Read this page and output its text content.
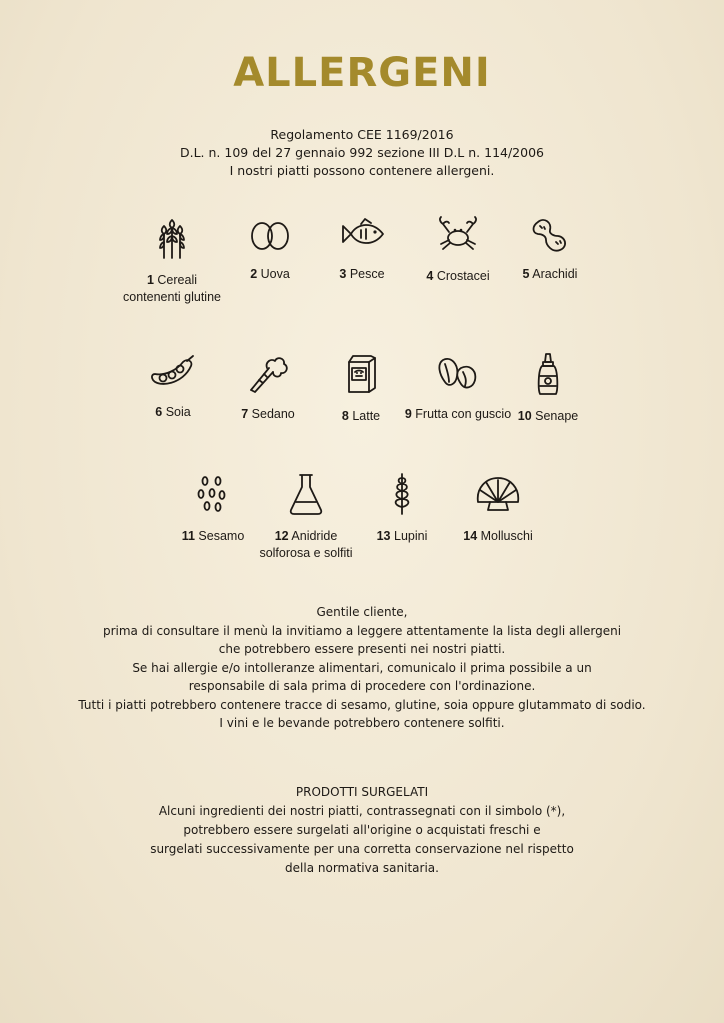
ALLERGENI
Regolamento CEE 1169/2016
D.L. n. 109 del 27 gennaio 992 sezione III D.L n. 114/2006
I nostri piatti possono contenere allergeni.
1 Cereali contenenti glutine
2 Uova	3 Pesce	4 Crostacei	5 Arachidi
6 Soia	7 Sedano	8 Latte	9 Frutta con guscio 10 Senape
11 Sesamo	12 Anidride solforosa e solfiti
13 Lupini	14 Molluschi
Gentile cliente,
prima di consultare il menù la invitiamo a leggere attentamente la lista degli allergeni
che potrebbero essere presenti nei nostri piatti.
Se hai allergie e/o intolleranze alimentari, comunicalo il prima possibile a un
responsabile di sala prima di procedere con l'ordinazione.
Tutti i piatti potrebbero contenere tracce di sesamo, glutine, soia oppure glutammato di sodio.
I vini e le bevande potrebbero contenere solfiti.
PRODOTTI SURGELATI
Alcuni ingredienti dei nostri piatti, contrassegnati con il simbolo (*),
potrebbero essere surgelati all'origine o acquistati freschi e
surgelati successivamente per una corretta conservazione nel rispetto
della normativa sanitaria.
